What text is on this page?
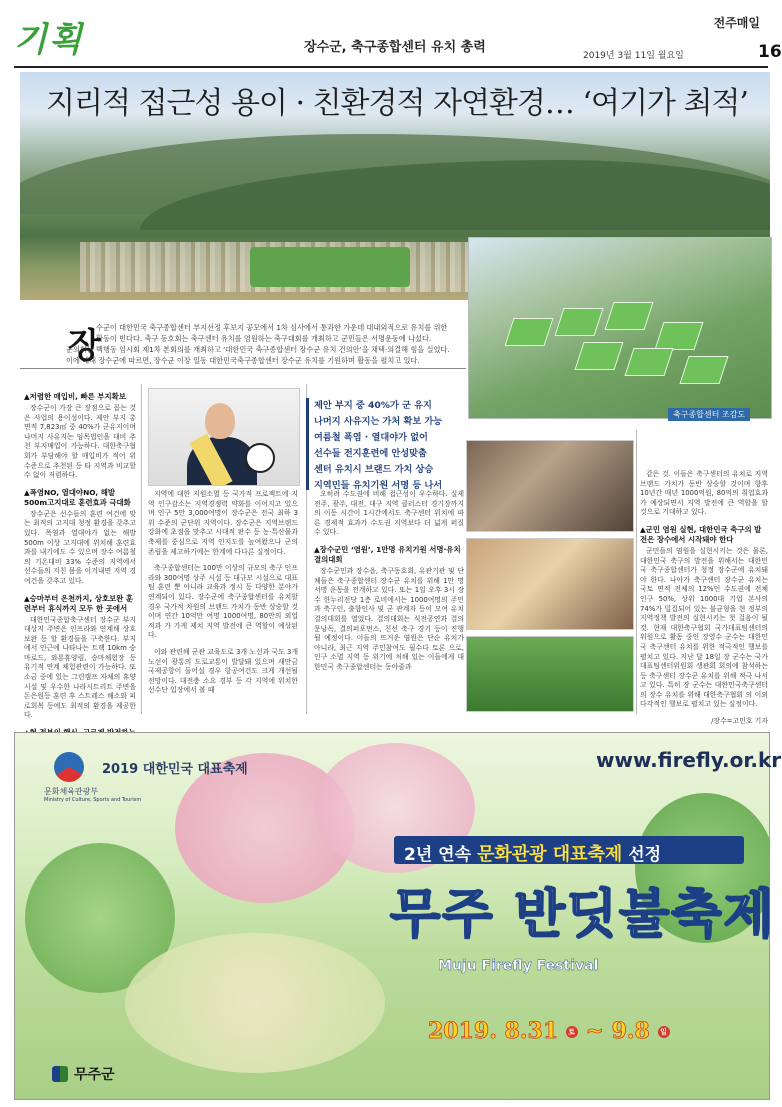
기획	장수군, 축구종합센터 유치 총력
전주매일
2019년 3월 11일 월요일	16
지리적 접근성 용이 · 친환경적 자연환경… ‘여기가 최적’
축구종합센터 조감도
장
수군이 대한민국 축구종합센터 부지선정 후보지 공모에서 1차 심사에서 통과한 가운데 대내외적으로 유치를 위한 활동이 빈다다. 축구 동호회는 축구센터 유치를 염원하는 축구대회를 개최하고 군민들은 서명운동에 나섰다.
군의회는 백행동 임시회 제1차 본회의를 개최하고 ‘대한민국 축구종합센터 장수군 유치 건의안’을 채택·의결해 힘을 실었다. 이에 대해 장수군에 따르면, 장수군 이장 일동 대한민국축구종합센터 장수군 유치를 기원하며 활동을 펼치고 있다.
▲저렴한 매입비, 빠른 부지확보

장수군이 가장 큰 장점으로 꼽는 것은 사업의 용이성이다. 제안 부지 총 면적 7,823㎡ 중 40%가 군유지이며 나머지 사유지는 임목법인을 대비 추천 부지매입이 가능하다. 대한축구협회가 부담해야 할 매입비가 적어 위 수준으로 추천된 등 타 지역과 비교할 수 없이 저렴하다.

▲폭염NO, 열대야NO, 해발 500m고지대로 훈련효과 극대화

장수군은 선수들의 훈련 여건에 맞는 최적의 고지대 청정 환경을 갖추고 있다. 폭염과 열대야가 없는 해발 500m 이상 고지대에 위치해 훈련효과를 내기에도 수 있으며 장수 여름철의 기온대비 33% 수준의 지역에서 선수들의 지친 몸을 이겨내면 지역 경 여건을 갖추고 있다.

▲승마부터 온천까지, 상호보완 훈련부터 휴식까지 모두 한 곳에서

대한민국종합축구센터 장수군 부지 대상지 주변은 인프라와 연계해 상호보완 등 할 환경들을 구축한다. 부지에서 인근에 나타나는 트랙 10km 승마로드, 와룡휴양림, 승마체험장 등 유기적 연계 체험관련이 가능하다. 또 소금 중에 있는 그린캠프 자체의 휴양시설 및 우수한 나라시트리트 주변을 돈은원등 훈련 후 스트레스 해소와 피로회복 등에도 최적의 환경을 제공한다.

제안 부지 중 40%가 군 유지
나머지 사유지는 가처 확보 가능
여름철 폭염 · 열대야가 없어
선수들 전지훈련에 안성맞춤
센터 유치시 브랜드 가치 상승
지역민들 유치기원 서명 등 나서

지역에 대한 지원소멸 등 국가적 프로젝트에 지역 인구감소는 지역경쟁력 약화를 이어지고 있으며 인구 5만 3,000여명이 장수군은 전국 최하 3위 수준의 군단위 지역이다. 장수군은 지역브랜드 강화에 초점을 맞추고 시대적 판수 등 농·특산물과 축제를 중심으로 지역 인지도를 높여왔으나 군의 존립을 제고하기에는 한계에 다다른 실정이다.

축구종합센터는 100만 이상의 규모의 축구 인프라와 300여명 상주 시설 등 대규모 시설으로 대표팀 훈련 뿐 아니라 교육과 정시 등 다양한 분야가 연계되어 있다. 장수군에 축구종합센터를 유치할 경우 국가적 차원의 브랜드 가치가 동반 상승할 것이며 연간 10억만 여명 1000여명, 80만의 외업적과 가 가게 제치 지역 발전에 큰 역할이 예상된다.

이와 관련해 군관 교육도로 3개 노선과 국도 3개 노선이 광통의 도로교통이 발달돼 있으며 새만금국제공항이 들어설 경우 항공여건도 크게 개선될 전망이다. 대전충 소요 경부 등 각 지역에 위치한 선수단 입장에서 볼 때

오히려 수도권에 비해 접근성이 우수하다. 실제 전주, 광주, 대전, 대구 지역 클러스터 경기장까지의 이동 시간이 1시간에서도 축구센터 위치에 따른 경제적 효과가 수도권 지역보다 더 넓게 퍼질 수 있다.

▲장수군민 ‘염원’, 1만명 유치기원 서명·유치결의대회

장수군민과 장수읍, 축구동호회, 유관기관 및 단체들은 축구종합센터 장수군 유치를 위해 1만 명 서명 운동을 전개하고 있다. 또는 1일 오후 3시 장수 한누리전당 1층 로비에서는 1000여명의 주민과 축구인, 출향인사 및 군 관계자 등이 모여 유치 결의대회를 열었다. 결의대회는 식전공연과 결의문낭독, 결의퍼포먼스, 친선 축구 경기 등이 진행될 예정이다. 이들의 뜨거운 염원은 단순 유치가 아니라, 최근 지역 주민참여도 필수다 토론 으로, 인구 소멸 지역 등 위기에 처해 있는 이들에게 대한민국 축구종합센터는 동아줄과

같은 것. 이들은 축구센터의 유치로 지역 브랜드 가치가 동반 상승할 것이며 향후 10년간 매년 1000억원, 80억의 취업효과가 예상되면서 지역 발전에 큰 역할을 할 것으로 기대하고 있다.

▲군민 염원 실현, 대한민국 축구의 발전은 장수에서 시작돼야 한다

군민들의 염원을 실현시키는 것은 물론, 대한민국 축구의 발전을 위해서는 대한민국 축구종합센터가 청정 장수군에 유치돼야 한다. 나아가 축구센터 장수군 유치는 국토 면적 전체의 12%인 수도권에 전체 인구 50%, 상위 1000대 기업 본사의 74%가 밀집되어 있는 불균형을 현 정부의 지역정책 발전의 실현시키는 첫 걸음이 될 것. 현재 대한축구협회 국가대표팀센터의 위원으로 활동 중인 장영수 군수는 대한민국 축구센터 유치를 위한 적극적인 행보를 펼치고 있다. 지난 달 18일 장 군수는 국가대표팀센터위원회 생관회 회의에 참석하는 등 축구센터 장수군 유치를 위해 적극 나서고 있다. 특히 장 군수는 대한민국축구센터의 장수 유치를 위해 대한축구협회 의 이외 다각적인 행보로 펼치고 있는 실정이다.

/장수=고민호 기자

2019 대한민국 대표축제
문화체육관광부
Ministry of Culture, Sports and Tourism
www.firefly.or.kr
2년 연속 문화관광 대표축제 선정
무주 반딧불축제
Muju Firefly Festival
2019. 8.31 토 ~ 9.8 일
무주군
